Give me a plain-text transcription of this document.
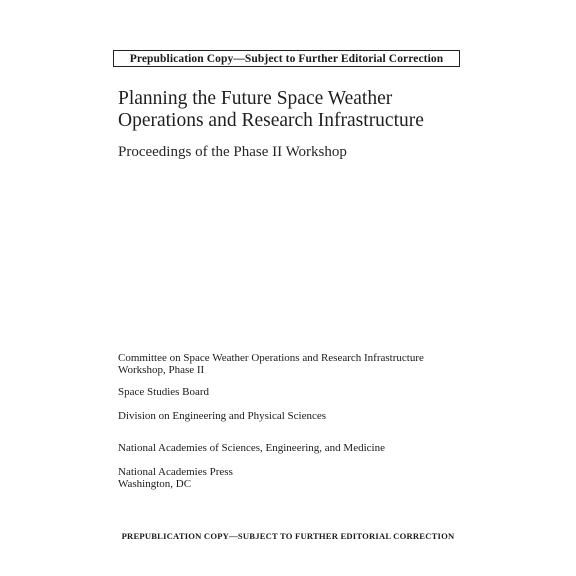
Prepublication Copy—Subject to Further Editorial Correction
Planning the Future Space Weather
Operations and Research Infrastructure
Proceedings of the Phase II Workshop
Committee on Space Weather Operations and Research Infrastructure
Workshop, Phase II
Space Studies Board
Division on Engineering and Physical Sciences
National Academies of Sciences, Engineering, and Medicine
National Academies Press
Washington, DC
PREPUBLICATION COPY—SUBJECT TO FURTHER EDITORIAL CORRECTION
